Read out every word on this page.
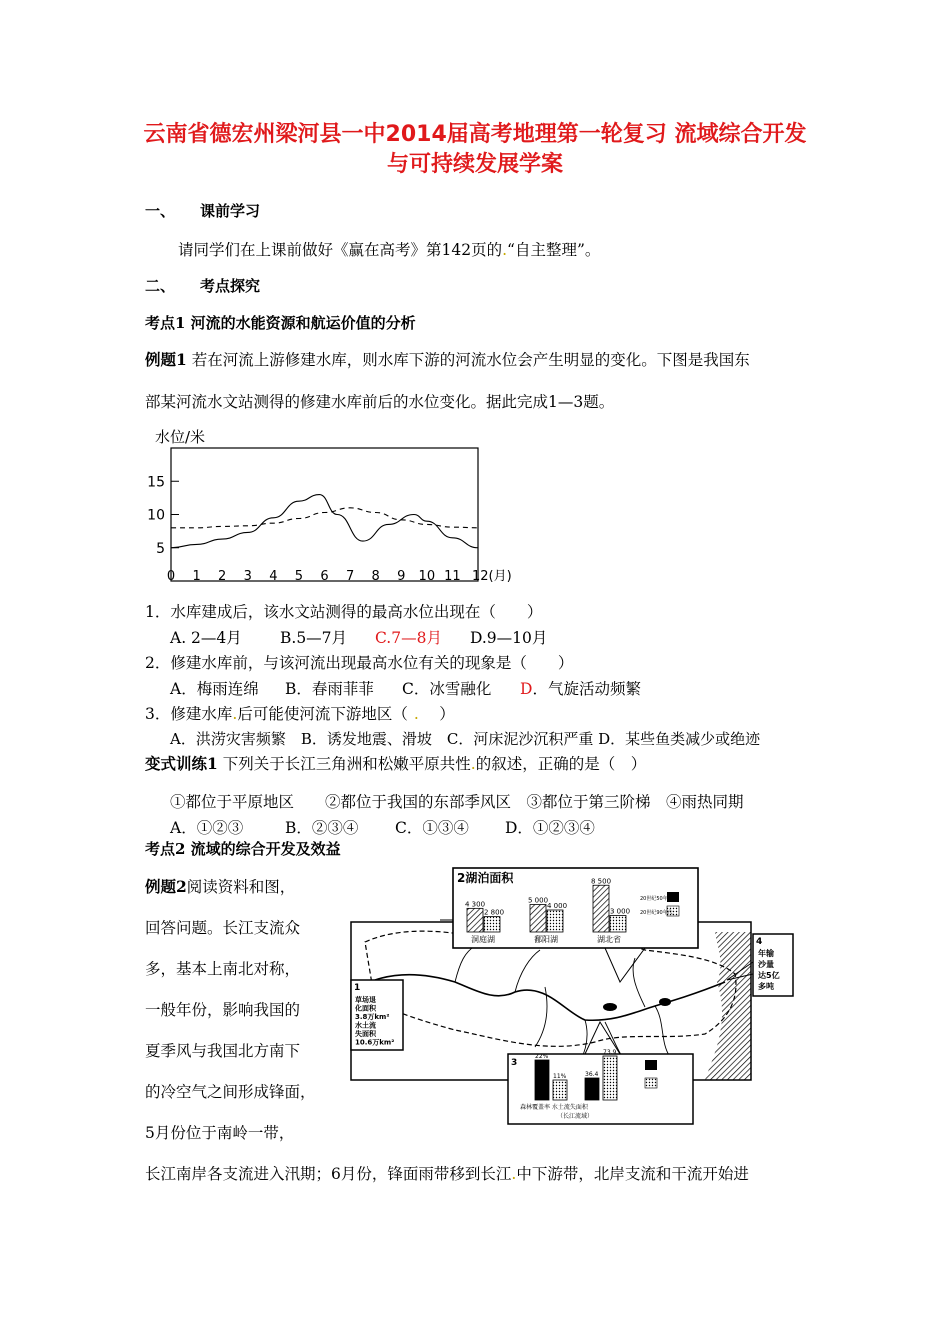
云南省德宏州梁河县一中2014届高考地理第一轮复习 流域综合开发
与可持续发展学案
一、 课前学习
请同学们在上课前做好《赢在高考》第142页的.“自主整理”。
二、 考点探究
考点1 河流的水能资源和航运价值的分析
例题1 若在河流上游修建水库，则水库下游的河流水位会产生明显的变化。下图是我国东
部某河流水文站测得的修建水库前后的水位变化。据此完成1—3题。
水位/米
15
10
5
0 1 2 3 4 5 6 7 8 9 10 11 12(月)
1．水库建成后，该水文站测得的最高水位出现在（　　）
A. 2—4月 B.5—7月 C.7—8月 D.9—10月
2．修建水库前，与该河流出现最高水位有关的现象是（　　）
A．梅雨连绵 B．春雨菲菲 C．冰雪融化 D．气旋活动频繁
3．修建水库.后可能使河流下游地区（ .　 ）
A．洪涝灾害频繁　B．诱发地震、滑坡　C．河床泥沙沉积严重 D．某些鱼类减少或绝迹
变式训练1 下列关于长江三角洲和松嫩平原共性.的叙述，正确的是（　）
①都位于平原地区　　②都位于我国的东部季风区　③都位于第三阶梯　④雨热同期
A．①②③	B．②③④ C．①③④ D．①②③④
考点2 流域的综合开发及效益
例题2阅读资料和图，
回答问题。长江支流众
多，基本上南北对称，
一般年份，影响我国的
夏季风与我国北方南下
的冷空气之间形成锋面，
5月份位于南岭一带，
长江南岸各支流进入汛期；6月份，锋面雨带移到长江.中下游带，北岸支流和干流开始进
2湖泊面积
4 300
2 800
洞庭湖
5 000
4 000
鄱阳湖
8 500
3 000
湖北省
20世纪50年代
20世纪90年代
1
草场退
化面积
3.8万km²
水土流
失面积
10.6万km²
3
22%
11%	36.4
73.9
森林覆盖率 水土流失面积
（长江流域）
4
年输
沙量
达5亿
多吨
